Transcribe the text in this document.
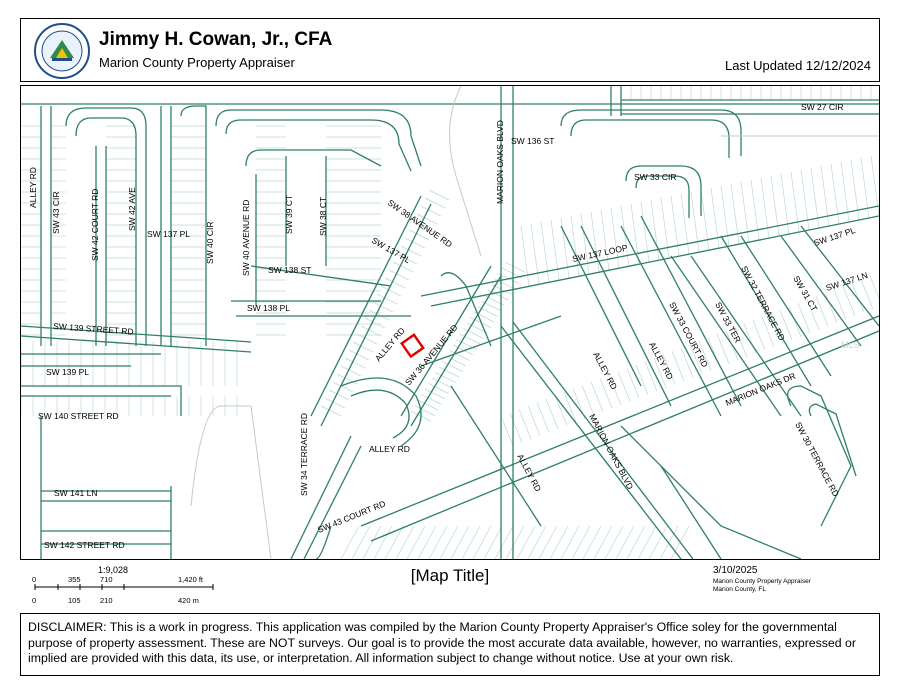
Jimmy H. Cowan, Jr., CFA
Marion County Property Appraiser	Last Updated 12/12/2024
SW 27 CIR
SW 136 ST
MARION OAKS BLVD	SW 33 CIR
ALLEY RD
SW 43 CIR	SW 42 COURT RD	SW 42 AVE
SW 137 PL SW 40 CIR	SW 40 AVENUE RD	SW 39 CT	SW 38 CT	SW 38 AVENUE RD
SW 137 PL
SW 138 ST
SW 137 LOOP
SW 137 PL
SW 138 PL
SW 137 LN
SW 31 CT
SW 32 TERRACE RD
SW 33 TER
SW 33 COURT RD
SW 139 STREET RD	ALLEY RD
SW 36 AVENUE RD	ALLEY RD	ALLEY RD
MARION OAKS DR
SW 139 PL
SW 140 STREET RD	SW 34 TERRACE RD	ALLEY RD	MARION OAKS BLVD	SW 30 TERRACE RD
ALLEY RD
SW 141 LN
SW 43 COURT RD
SW 142 STREET RD
MLS
1:9,028
0	355	710	1,420 ft
0	105	210	420 m
[Map Title]	3/10/2025
Marion County Property Appraiser
Marion County, FL
DISCLAIMER: This is a work in progress. This application was compiled by the Marion County Property Appraiser's Office soley for the governmental purpose of property assessment. These are NOT surveys. Our goal is to provide the most accurate data available, however, no warranties, expressed or implied are provided with this data, its use, or interpretation. All information subject to change without notice. Use at your own risk.
